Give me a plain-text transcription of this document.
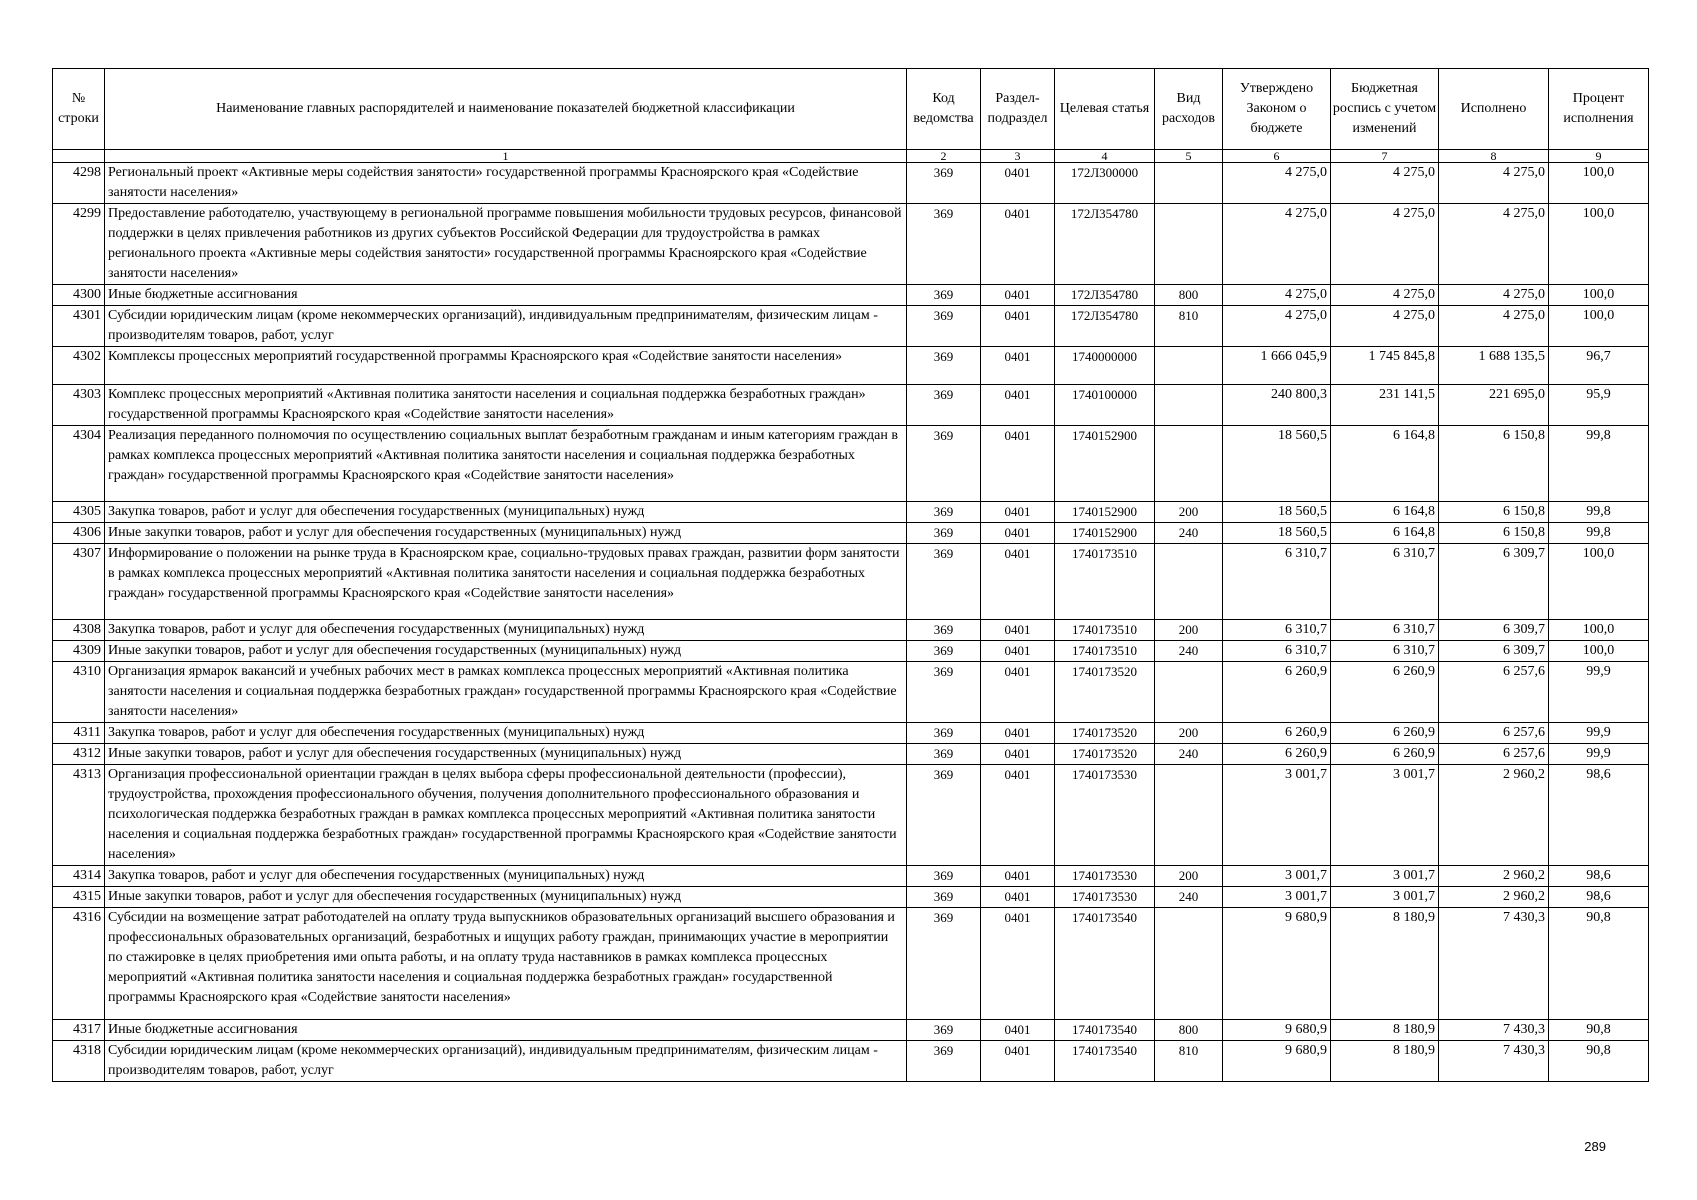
№ строки	Наименование главных распорядителей и наименование показателей бюджетной классификации	Код ведомства	Раздел-подраздел	Целевая статья	Вид расходов	Утверждено Законом о бюджете	Бюджетная роспись с учетом изменений	Исполнено	Процент исполнения
	1	2	3	4	5	6	7	8	9
4298	Региональный проект «Активные меры содействия занятости» государственной программы Красноярского края «Содействие занятости населения»	369	0401	172Л300000		4 275,0	4 275,0	4 275,0	100,0
4299	Предоставление работодателю, участвующему в региональной программе повышения мобильности трудовых ресурсов, финансовой поддержки в целях привлечения работников из других субъектов Российской Федерации для трудоустройства в рамках регионального проекта «Активные меры содействия занятости» государственной программы Красноярского края «Содействие занятости населения»	369	0401	172Л354780		4 275,0	4 275,0	4 275,0	100,0
4300	Иные бюджетные ассигнования	369	0401	172Л354780	800	4 275,0	4 275,0	4 275,0	100,0
4301	Субсидии юридическим лицам (кроме некоммерческих организаций), индивидуальным предпринимателям, физическим лицам - производителям товаров, работ, услуг	369	0401	172Л354780	810	4 275,0	4 275,0	4 275,0	100,0
4302	Комплексы процессных мероприятий государственной программы Красноярского края «Содействие занятости населения»	369	0401	1740000000		1 666 045,9	1 745 845,8	1 688 135,5	96,7
4303	Комплекс процессных мероприятий «Активная политика занятости населения и социальная поддержка безработных граждан» государственной программы Красноярского края «Содействие занятости населения»	369	0401	1740100000		240 800,3	231 141,5	221 695,0	95,9
4304	Реализация переданного полномочия по осуществлению социальных выплат безработным гражданам и иным категориям граждан в рамках комплекса процессных мероприятий «Активная политика занятости населения и социальная поддержка безработных граждан» государственной программы Красноярского края «Содействие занятости населения»	369	0401	1740152900		18 560,5	6 164,8	6 150,8	99,8
4305	Закупка товаров, работ и услуг для обеспечения государственных (муниципальных) нужд	369	0401	1740152900	200	18 560,5	6 164,8	6 150,8	99,8
4306	Иные закупки товаров, работ и услуг для обеспечения государственных (муниципальных) нужд	369	0401	1740152900	240	18 560,5	6 164,8	6 150,8	99,8
4307	Информирование о положении на рынке труда в Красноярском крае, социально-трудовых правах граждан, развитии форм занятости в рамках комплекса процессных мероприятий «Активная политика занятости населения и социальная поддержка безработных граждан» государственной программы Красноярского края «Содействие занятости населения»	369	0401	1740173510		6 310,7	6 310,7	6 309,7	100,0
4308	Закупка товаров, работ и услуг для обеспечения государственных (муниципальных) нужд	369	0401	1740173510	200	6 310,7	6 310,7	6 309,7	100,0
4309	Иные закупки товаров, работ и услуг для обеспечения государственных (муниципальных) нужд	369	0401	1740173510	240	6 310,7	6 310,7	6 309,7	100,0
4310	Организация ярмарок вакансий и учебных рабочих мест в рамках комплекса процессных мероприятий «Активная политика занятости населения и социальная поддержка безработных граждан» государственной программы Красноярского края «Содействие занятости населения»	369	0401	1740173520		6 260,9	6 260,9	6 257,6	99,9
4311	Закупка товаров, работ и услуг для обеспечения государственных (муниципальных) нужд	369	0401	1740173520	200	6 260,9	6 260,9	6 257,6	99,9
4312	Иные закупки товаров, работ и услуг для обеспечения государственных (муниципальных) нужд	369	0401	1740173520	240	6 260,9	6 260,9	6 257,6	99,9
4313	Организация профессиональной ориентации граждан в целях выбора сферы профессиональной деятельности (профессии), трудоустройства, прохождения профессионального обучения, получения дополнительного профессионального образования и психологическая поддержка безработных граждан в рамках комплекса процессных мероприятий «Активная политика занятости населения и социальная поддержка безработных граждан» государственной программы Красноярского края «Содействие занятости населения»	369	0401	1740173530		3 001,7	3 001,7	2 960,2	98,6
4314	Закупка товаров, работ и услуг для обеспечения государственных (муниципальных) нужд	369	0401	1740173530	200	3 001,7	3 001,7	2 960,2	98,6
4315	Иные закупки товаров, работ и услуг для обеспечения государственных (муниципальных) нужд	369	0401	1740173530	240	3 001,7	3 001,7	2 960,2	98,6
4316	Субсидии на возмещение затрат работодателей на оплату труда выпускников образовательных организаций высшего образования и профессиональных образовательных организаций, безработных и ищущих работу граждан, принимающих участие в мероприятии по стажировке в целях приобретения ими опыта работы, и на оплату труда наставников в рамках комплекса процессных мероприятий «Активная политика занятости населения и социальная поддержка безработных граждан» государственной программы Красноярского края «Содействие занятости населения»	369	0401	1740173540		9 680,9	8 180,9	7 430,3	90,8
4317	Иные бюджетные ассигнования	369	0401	1740173540	800	9 680,9	8 180,9	7 430,3	90,8
4318	Субсидии юридическим лицам (кроме некоммерческих организаций), индивидуальным предпринимателям, физическим лицам - производителям товаров, работ, услуг	369	0401	1740173540	810	9 680,9	8 180,9	7 430,3	90,8
289
